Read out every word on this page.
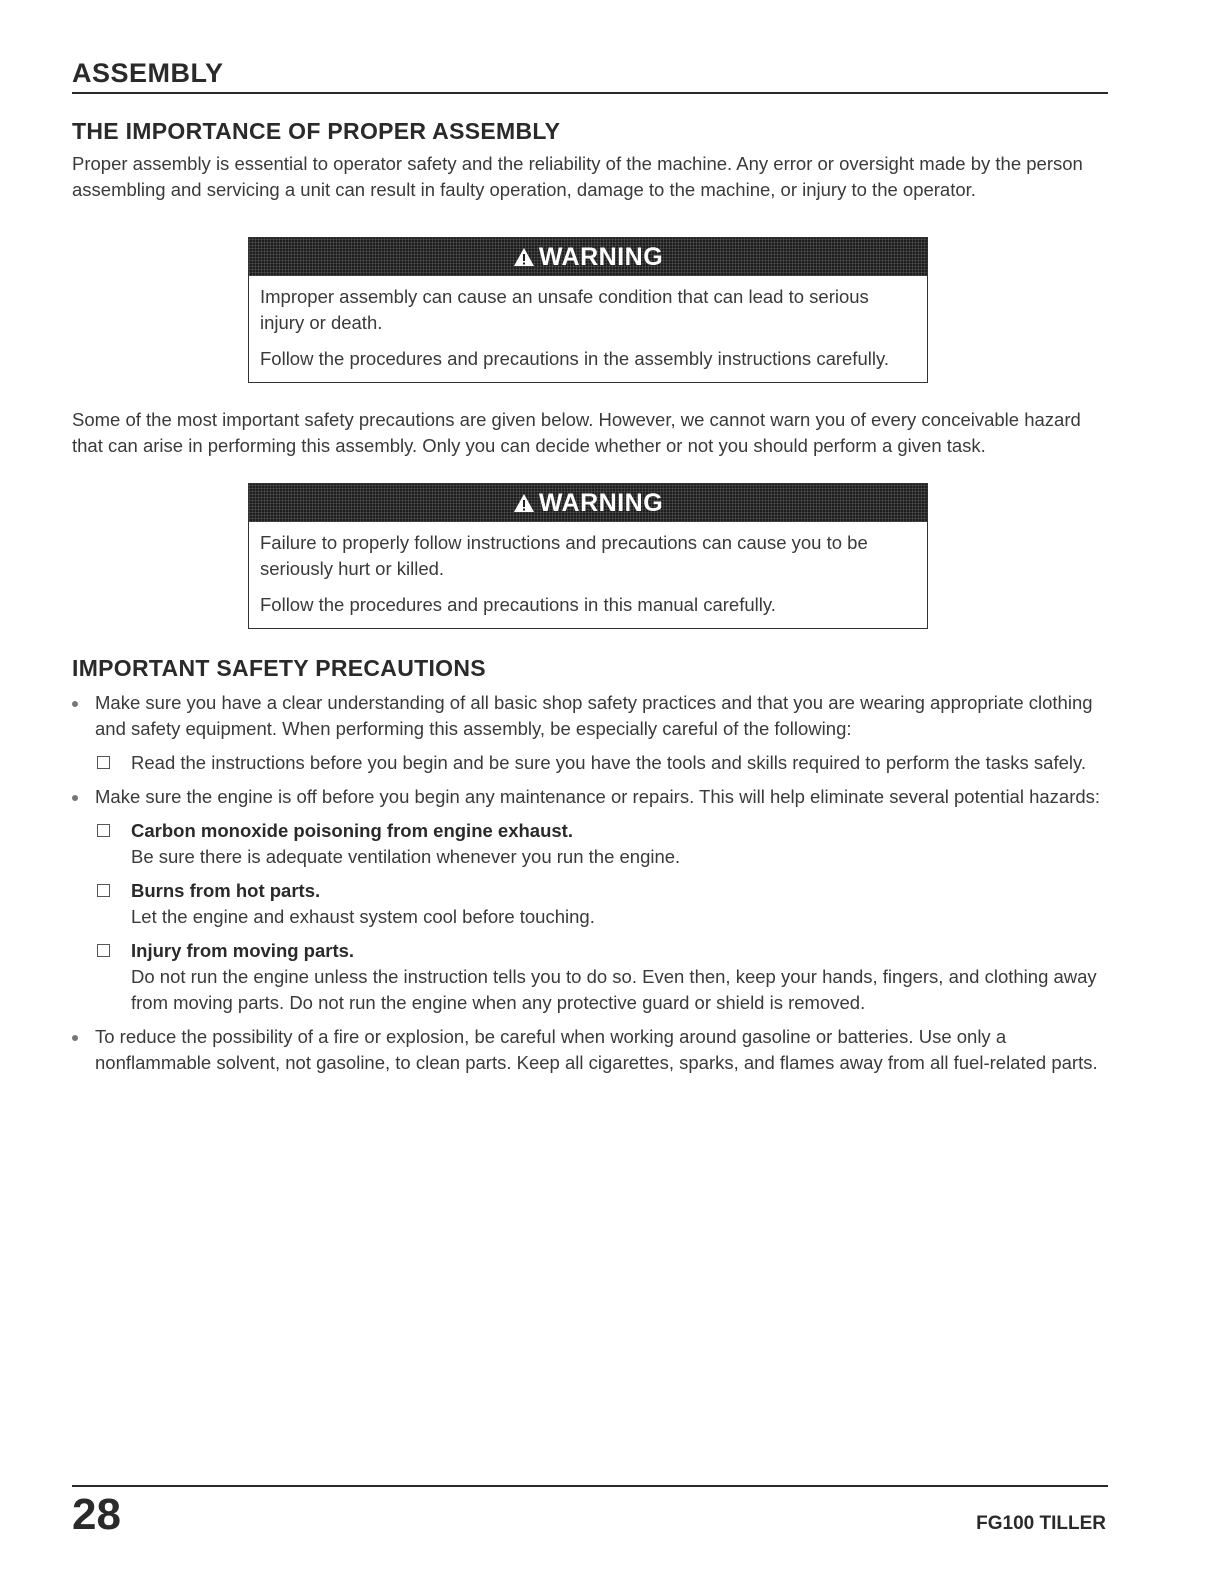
ASSEMBLY
THE IMPORTANCE OF PROPER ASSEMBLY

Proper assembly is essential to operator safety and the reliability of the machine. Any error or oversight made by the person assembling and servicing a unit can result in faulty operation, damage to the machine, or injury to the operator.

WARNING

Improper assembly can cause an unsafe condition that can lead to serious injury or death.

Follow the procedures and precautions in the assembly instructions carefully.

Some of the most important safety precautions are given below. However, we cannot warn you of every conceivable hazard that can arise in performing this assembly. Only you can decide whether or not you should perform a given task.

WARNING

Failure to properly follow instructions and precautions can cause you to be seriously hurt or killed.

Follow the procedures and precautions in this manual carefully.

IMPORTANT SAFETY PRECAUTIONS
Make sure you have a clear understanding of all basic shop safety practices and that you are wearing appropriate clothing and safety equipment. When performing this assembly, be especially careful of the following:
Read the instructions before you begin and be sure you have the tools and skills required to perform the tasks safely.
Make sure the engine is off before you begin any maintenance or repairs. This will help eliminate several potential hazards:
Carbon monoxide poisoning from engine exhaust.
Be sure there is adequate ventilation whenever you run the engine.
Burns from hot parts.
Let the engine and exhaust system cool before touching.
Injury from moving parts.
Do not run the engine unless the instruction tells you to do so. Even then, keep your hands, fingers, and clothing away from moving parts. Do not run the engine when any protective guard or shield is removed.
To reduce the possibility of a fire or explosion, be careful when working around gasoline or batteries. Use only a nonflammable solvent, not gasoline, to clean parts. Keep all cigarettes, sparks, and flames away from all fuel-related parts.
28	FG100 TILLER
